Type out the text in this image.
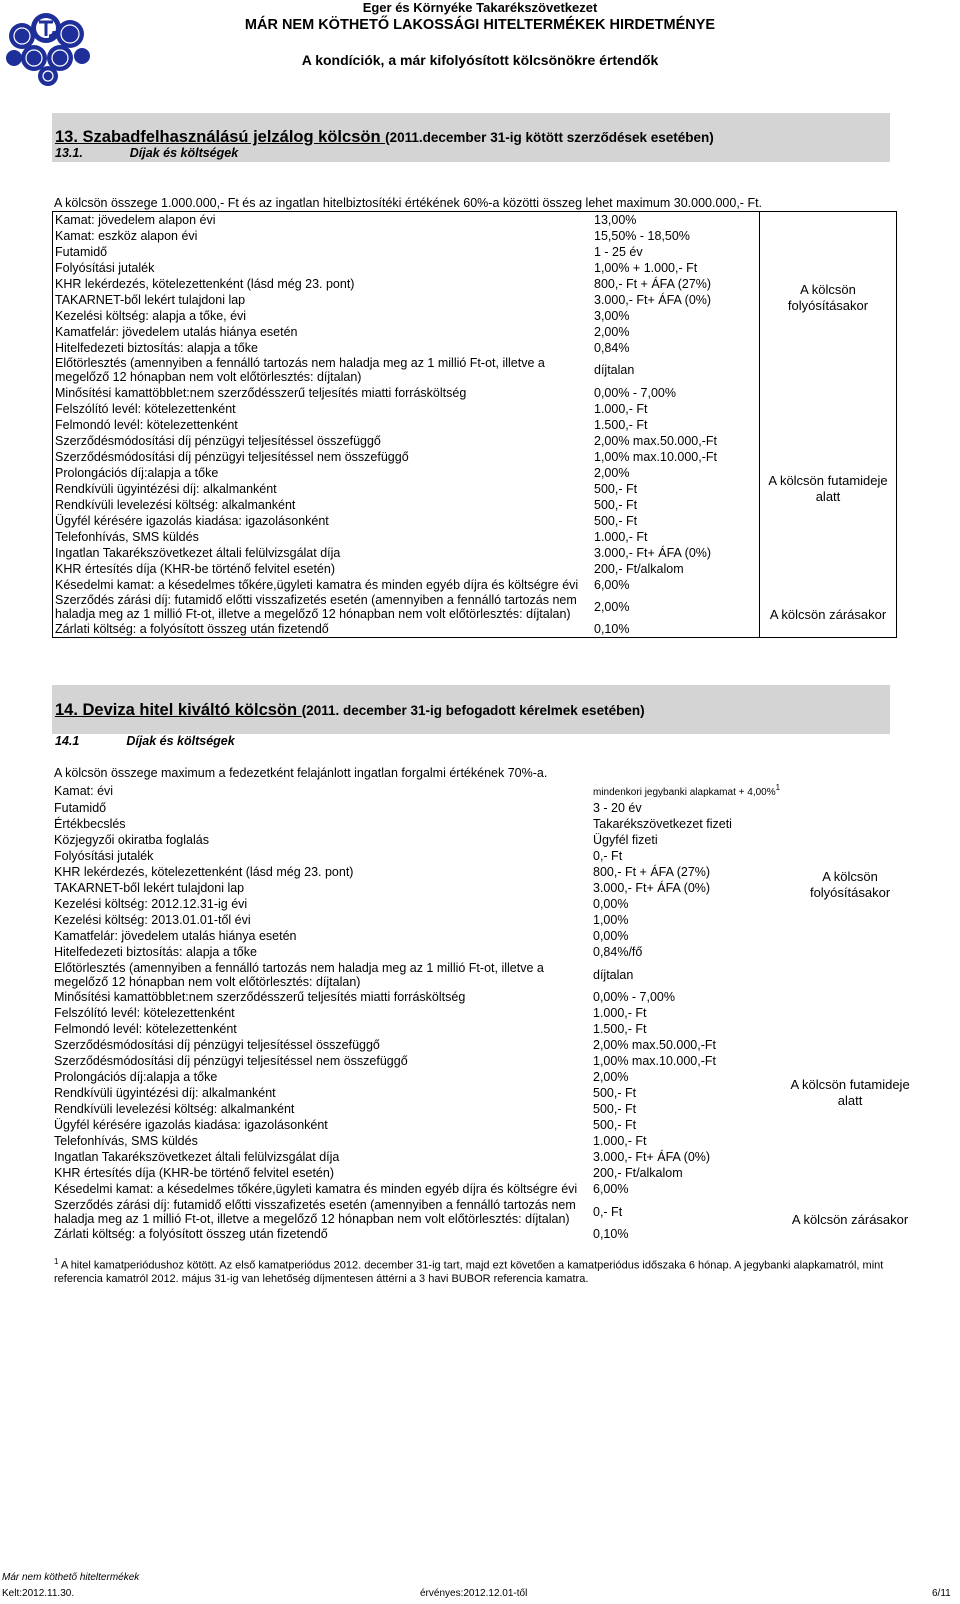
Eger és Környéke Takarékszövetkezet
MÁR NEM KÖTHETŐ LAKOSSÁGI HITELTERMÉKEK HIRDETMÉNYE
A kondíciók, a már kifolyósított kölcsönökre értendők
13. Szabadfelhasználású jelzálog kölcsön (2011.december 31-ig kötött szerződések esetében)
13.1.	Díjak és költségek
A kölcsön összege 1.000.000,- Ft és az ingatlan hitelbiztosítéki értékének 60%-a közötti összeg lehet maximum 30.000.000,- Ft.
Kamat: jövedelem alapon évi	13,00%	A kölcsön folyósításakor
Kamat: eszköz alapon évi	15,50% - 18,50%	
Futamidő	1 - 25 év	
Folyósítási jutalék	1,00% + 1.000,- Ft	
KHR lekérdezés, kötelezettenként (lásd még 23. pont)	800,- Ft + ÁFA (27%)	
TAKARNET-ből lekért tulajdoni lap	3.000,- Ft+ ÁFA (0%)	
Kezelési költség: alapja a tőke, évi	3,00%	
Kamatfelár: jövedelem utalás hiánya esetén	2,00%	
Hitelfedezeti biztosítás: alapja a tőke	0,84%	
Előtörlesztés (amennyiben a fennálló tartozás nem haladja meg az 1 millió Ft-ot, illetve a megelőző 12 hónapban nem volt előtörlesztés: díjtalan)	díjtalan	
Minősítési kamattöbblet:nem szerződésszerű teljesítés miatti forrásköltség	0,00% - 7,00%	A kölcsön futamideje alatt
Felszólító levél: kötelezettenként	1.000,- Ft	
Felmondó levél: kötelezettenként	1.500,- Ft	
Szerződésmódosítási díj pénzügyi teljesítéssel összefüggő	2,00% max.50.000,-Ft	
Szerződésmódosítási díj pénzügyi teljesítéssel nem összefüggő	1,00% max.10.000,-Ft	
Prolongációs díj:alapja a tőke	2,00%	
Rendkívüli ügyintézési díj: alkalmanként	500,- Ft	
Rendkívüli levelezési költség: alkalmanként	500,- Ft	
Ügyfél kérésére igazolás kiadása: igazolásonként	500,- Ft	
Telefonhívás, SMS küldés	1.000,- Ft	
Ingatlan Takarékszövetkezet általi felülvizsgálat díja	3.000,- Ft+ ÁFA (0%)	
KHR értesítés díja (KHR-be történő felvitel esetén)	200,- Ft/alkalom	
Késedelmi kamat: a késedelmes tőkére,ügyleti kamatra és minden egyéb díjra és költségre évi	6,00%	
Szerződés zárási díj: futamidő előtti visszafizetés esetén (amennyiben a fennálló tartozás nem haladja meg az 1 millió Ft-ot, illetve a megelőző 12 hónapban nem volt előtörlesztés: díjtalan)	2,00%	A kölcsön zárásakor
Zárlati költség: a folyósított összeg után fizetendő	0,10%	
14. Deviza hitel kiváltó kölcsön (2011. december 31-ig befogadott kérelmek esetében)
14.1	Díjak és költségek
A kölcsön összege maximum a fedezetként felajánlott ingatlan forgalmi értékének 70%-a.
Kamat: évi	mindenkori jegybanki alapkamat + 4,00%$^1$	A kölcsön folyósításakor
Futamidő	3 - 20 év	
Értékbecslés	Takarékszövetkezet fizeti	
Közjegyzői okiratba foglalás	Ügyfél fizeti	
Folyósítási jutalék	0,- Ft	
KHR lekérdezés, kötelezettenként (lásd még 23. pont)	800,- Ft + ÁFA (27%)	
TAKARNET-ből lekért tulajdoni lap	3.000,- Ft+ ÁFA (0%)	
Kezelési költség: 2012.12.31-ig évi	0,00%	
Kezelési költség: 2013.01.01-től évi	1,00%	
Kamatfelár: jövedelem utalás hiánya esetén	0,00%	
Hitelfedezeti biztosítás: alapja a tőke	0,84%/fő	
Előtörlesztés (amennyiben a fennálló tartozás nem haladja meg az 1 millió Ft-ot, illetve a megelőző 12 hónapban nem volt előtörlesztés: díjtalan)	díjtalan	
Minősítési kamattöbblet:nem szerződésszerű teljesítés miatti forrásköltség	0,00% - 7,00%	A kölcsön futamideje alatt
Felszólító levél: kötelezettenként	1.000,- Ft	
Felmondó levél: kötelezettenként	1.500,- Ft	
Szerződésmódosítási díj pénzügyi teljesítéssel összefüggő	2,00% max.50.000,-Ft	
Szerződésmódosítási díj pénzügyi teljesítéssel nem összefüggő	1,00% max.10.000,-Ft	
Prolongációs díj:alapja a tőke	2,00%	
Rendkívüli ügyintézési díj: alkalmanként	500,- Ft	
Rendkívüli levelezési költség: alkalmanként	500,- Ft	
Ügyfél kérésére igazolás kiadása: igazolásonként	500,- Ft	
Telefonhívás, SMS küldés	1.000,- Ft	
Ingatlan Takarékszövetkezet általi felülvizsgálat díja	3.000,- Ft+ ÁFA (0%)	
KHR értesítés díja (KHR-be történő felvitel esetén)	200,- Ft/alkalom	
Késedelmi kamat: a késedelmes tőkére,ügyleti kamatra és minden egyéb díjra és költségre évi	6,00%	
Szerződés zárási díj: futamidő előtti visszafizetés esetén (amennyiben a fennálló tartozás nem haladja meg az 1 millió Ft-ot, illetve a megelőző 12 hónapban nem volt előtörlesztés: díjtalan)	0,- Ft	A kölcsön zárásakor
Zárlati költség: a folyósított összeg után fizetendő	0,10%	
$^1$ A hitel kamatperiódushoz kötött. Az első kamatperiódus 2012. december 31-ig tart, majd ezt követően a kamatperiódus időszaka 6 hónap. A jegybanki alapkamatról, mint referencia kamatról 2012. május 31-ig van lehetőség díjmentesen áttérni a 3 havi BUBOR referencia kamatra.
Már nem köthető hiteltermékek
Kelt:2012.11.30.	érvényes:2012.12.01-től	6/11
